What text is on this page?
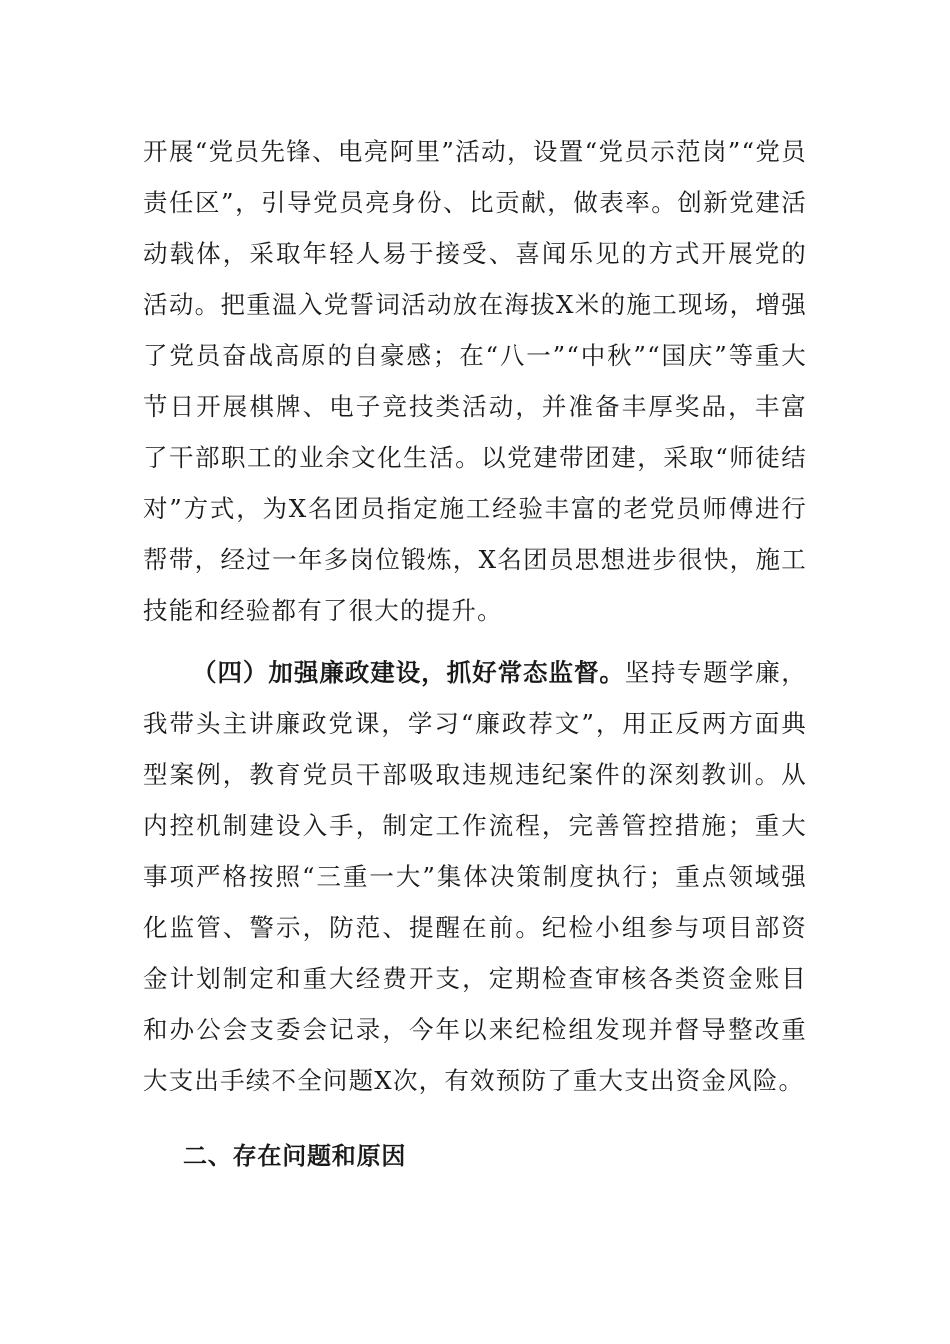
开展“党员先锋、电亮阿里”活动，设置“党员示范岗”“党员责任区”，引导党员亮身份、比贡献，做表率。创新党建活动载体，采取年轻人易于接受、喜闻乐见的方式开展党的活动。把重温入党誓词活动放在海拔X米的施工现场，增强了党员奋战高原的自豪感；在“八一”“中秋”“国庆”等重大节日开展棋牌、电子竞技类活动，并准备丰厚奖品，丰富了干部职工的业余文化生活。以党建带团建，采取“师徒结对”方式，为X名团员指定施工经验丰富的老党员师傅进行帮带，经过一年多岗位锻炼，X名团员思想进步很快，施工技能和经验都有了很大的提升。

（四）加强廉政建设，抓好常态监督。坚持专题学廉，我带头主讲廉政党课，学习“廉政荐文”，用正反两方面典型案例，教育党员干部吸取违规违纪案件的深刻教训。从内控机制建设入手，制定工作流程，完善管控措施；重大事项严格按照“三重一大”集体决策制度执行；重点领域强化监管、警示，防范、提醒在前。纪检小组参与项目部资金计划制定和重大经费开支，定期检查审核各类资金账目和办公会支委会记录，今年以来纪检组发现并督导整改重大支出手续不全问题X次，有效预防了重大支出资金风险。

二、存在问题和原因
